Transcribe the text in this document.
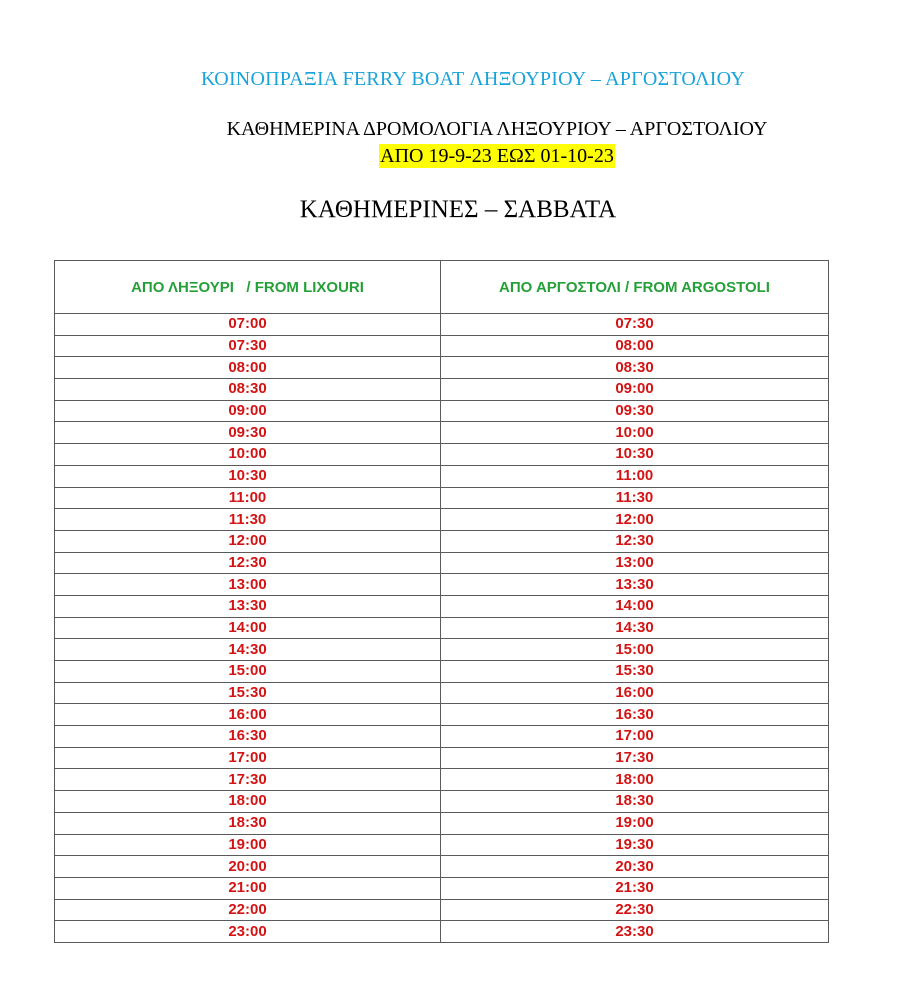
ΚΟΙΝΟΠΡΑΞΙΑ FERRY BOAT ΛΗΞΟΥΡΙΟΥ – ΑΡΓΟΣΤΟΛΙΟΥ
ΚΑΘΗΜΕΡΙΝΑ ΔΡΟΜΟΛΟΓΙΑ ΛΗΞΟΥΡΙΟΥ – ΑΡΓΟΣΤΟΛΙΟΥ
ΑΠΟ 19-9-23 ΕΩΣ 01-10-23
ΚΑΘΗΜΕΡΙΝΕΣ – ΣΑΒΒΑΤΑ
ΑΠΟ ΛΗΞΟΥΡΙ   / FROM LIXOURI	ΑΠΟ ΑΡΓΟΣΤΟΛΙ / FROM ARGOSTOLI
07:00	07:30
07:30	08:00
08:00	08:30
08:30	09:00
09:00	09:30
09:30	10:00
10:00	10:30
10:30	11:00
11:00	11:30
11:30	12:00
12:00	12:30
12:30	13:00
13:00	13:30
13:30	14:00
14:00	14:30
14:30	15:00
15:00	15:30
15:30	16:00
16:00	16:30
16:30	17:00
17:00	17:30
17:30	18:00
18:00	18:30
18:30	19:00
19:00	19:30
20:00	20:30
21:00	21:30
22:00	22:30
23:00	23:30
